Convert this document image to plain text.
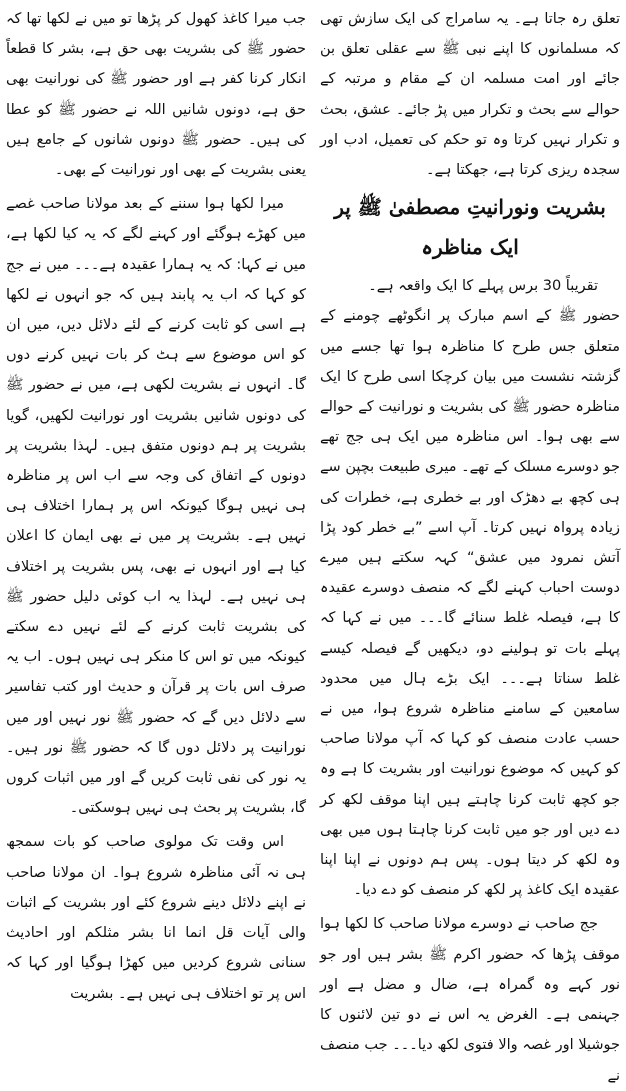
تعلق رہ جاتا ہے۔ یہ سامراج کی ایک سازش تھی کہ مسلمانوں کا اپنے نبی ﷺ سے عقلی تعلق بن جائے اور امت مسلمہ ان کے مقام و مرتبہ کے حوالے سے بحث و تکرار میں پڑ جائے۔ عشق، بحث و تکرار نہیں کرتا وہ تو حکم کی تعمیل، ادب اور سجدہ ریزی کرتا ہے، جھکتا ہے۔

بشریت ونورانیتِ مصطفیٰ ﷺ پر ایک مناظرہ

تقریباً 30 برس پہلے کا ایک واقعہ ہے۔

حضور ﷺ کے اسم مبارک پر انگوٹھے چومنے کے متعلق جس طرح کا مناظرہ ہوا تھا جسے میں گزشتہ نشست میں بیان کرچکا اسی طرح کا ایک مناظرہ حضور ﷺ کی بشریت و نورانیت کے حوالے سے بھی ہوا۔ اس مناظرہ میں ایک ہی جج تھے جو دوسرے مسلک کے تھے۔ میری طبیعت بچپن سے ہی کچھ بے دھڑک اور بے خطری ہے، خطرات کی زیادہ پرواہ نہیں کرتا۔ آپ اسے ”بے خطر کود پڑا آتش نمرود میں عشق“ کہہ سکتے ہیں میرے دوست احباب کہنے لگے کہ منصف دوسرے عقیدہ کا ہے، فیصلہ غلط سنائے گا۔۔۔ میں نے کہا کہ پہلے بات تو ہولینے دو، دیکھیں گے فیصلہ کیسے غلط سناتا ہے۔۔۔ ایک بڑے ہال میں محدود سامعین کے سامنے مناظرہ شروع ہوا، میں نے حسب عادت منصف کو کہا کہ آپ مولانا صاحب کو کہیں کہ موضوع نورانیت اور بشریت کا ہے وہ جو کچھ ثابت کرنا چاہتے ہیں اپنا موقف لکھ کر دے دیں اور جو میں ثابت کرنا چاہتا ہوں میں بھی وہ لکھ کر دیتا ہوں۔ پس ہم دونوں نے اپنا اپنا عقیدہ ایک کاغذ پر لکھ کر منصف کو دے دیا۔

جج صاحب نے دوسرے مولانا صاحب کا لکھا ہوا موقف پڑھا کہ حضور اکرم ﷺ بشر ہیں اور جو نور کہے وہ گمراہ ہے، ضال و مضل ہے اور جہنمی ہے۔ الغرض یہ اس نے دو تین لائنوں کا جوشیلا اور غصہ والا فتوی لکھ دیا۔۔۔ جب منصف نے

جب میرا کاغذ کھول کر پڑھا تو میں نے لکھا تھا کہ حضور ﷺ کی بشریت بھی حق ہے، بشر کا قطعاً انکار کرنا کفر ہے اور حضور ﷺ کی نورانیت بھی حق ہے، دونوں شانیں اللہ نے حضور ﷺ کو عطا کی ہیں۔ حضور ﷺ دونوں شانوں کے جامع ہیں یعنی بشریت کے بھی اور نورانیت کے بھی۔

میرا لکھا ہوا سننے کے بعد مولانا صاحب غصے میں کھڑے ہوگئے اور کہنے لگے کہ یہ کیا لکھا ہے، میں نے کہا: کہ یہ ہمارا عقیدہ ہے۔۔۔ میں نے جج کو کہا کہ اب یہ پابند ہیں کہ جو انہوں نے لکھا ہے اسی کو ثابت کرنے کے لئے دلائل دیں، میں ان کو اس موضوع سے ہٹ کر بات نہیں کرنے دوں گا۔ انہوں نے بشریت لکھی ہے، میں نے حضور ﷺ کی دونوں شانیں بشریت اور نورانیت لکھیں، گویا بشریت پر ہم دونوں متفق ہیں۔ لہذا بشریت پر دونوں کے اتفاق کی وجہ سے اب اس پر مناظرہ ہی نہیں ہوگا کیونکہ اس پر ہمارا اختلاف ہی نہیں ہے۔ بشریت پر میں نے بھی ایمان کا اعلان کیا ہے اور انہوں نے بھی، پس بشریت پر اختلاف ہی نہیں ہے۔ لہذا یہ اب کوئی دلیل حضور ﷺ کی بشریت ثابت کرنے کے لئے نہیں دے سکتے کیونکہ میں تو اس کا منکر ہی نہیں ہوں۔ اب یہ صرف اس بات پر قرآن و حدیث اور کتب تفاسیر سے دلائل دیں گے کہ حضور ﷺ نور نہیں اور میں نورانیت پر دلائل دوں گا کہ حضور ﷺ نور ہیں۔ یہ نور کی نفی ثابت کریں گے اور میں اثبات کروں گا، بشریت پر بحث ہی نہیں ہوسکتی۔

اس وقت تک مولوی صاحب کو بات سمجھ ہی نہ آئی مناظرہ شروع ہوا۔ ان مولانا صاحب نے اپنے دلائل دینے شروع کئے اور بشریت کے اثبات والی آیات قل انما انا بشر مثلکم اور احادیث سنانی شروع کردیں میں کھڑا ہوگیا اور کہا کہ اس پر تو اختلاف ہی نہیں ہے۔ بشریت
